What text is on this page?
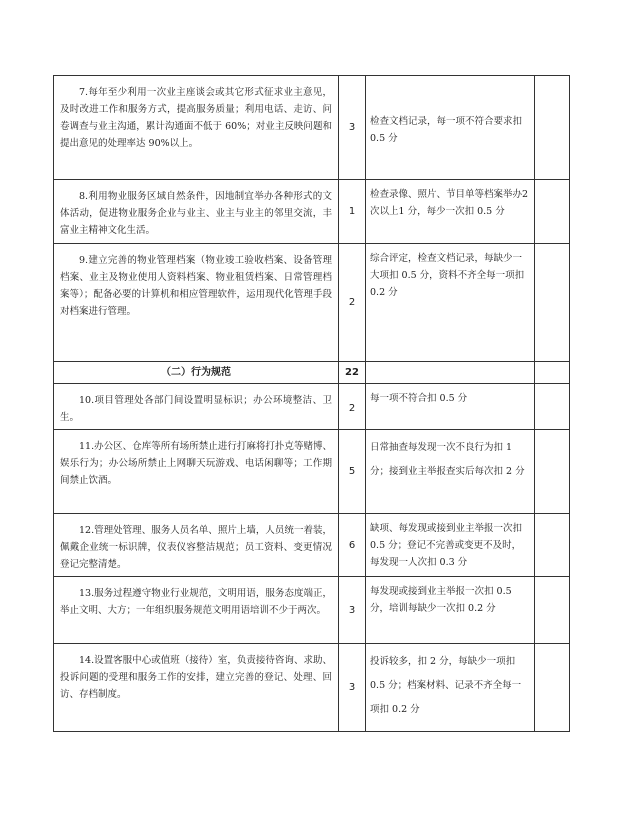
7.每年至少利用一次业主座谈会或其它形式征求业主意见，及时改进工作和服务方式，提高服务质量；利用电话、走访、问卷调查与业主沟通，累计沟通面不低于 60%；对业主反映问题和提出意见的处理率达 90%以上。	3	检查文档记录，每一项不符合要求扣 0.5 分	

8.利用物业服务区域自然条件，因地制宜举办各种形式的文体活动，促进物业服务企业与业主、业主与业主的邻里交流，丰富业主精神文化生活。	1	检查录像、照片、节目单等档案举办2次以上1 分，每少一次扣 0.5 分	

9.建立完善的物业管理档案（物业竣工验收档案、设备管理档案、业主及物业使用人资料档案、物业租赁档案、日常管理档案等）；配备必要的计算机和相应管理软件，运用现代化管理手段对档案进行管理。	2	综合评定，检查文档记录，每缺少一大项扣 0.5 分，资料不齐全每一项扣 0.2 分	
（二）行为规范	22		

10.项目管理处各部门间设置明显标识；办公环境整洁、卫生。	2	每一项不符合扣 0.5 分	

11.办公区、仓库等所有场所禁止进行打麻将打扑克等赌博、娱乐行为；办公场所禁止上网聊天玩游戏、电话闲聊等；工作期间禁止饮酒。	5	日常抽查每发现一次不良行为扣 1 分；接到业主举报查实后每次扣 2 分	

12.管理处管理、服务人员名单、照片上墙，人员统一着装，佩戴企业统一标识牌，仪表仪容整洁规范；员工资料、变更情况登记完整清楚。	6	缺项、每发现或接到业主举报一次扣 0.5 分；登记不完善或变更不及时，每发现一人次扣 0.3 分	

13.服务过程遵守物业行业规范，文明用语，服务态度端正，举止文明、大方；一年组织服务规范文明用语培训不少于两次。	3	每发现或接到业主举报一次扣 0.5 分，培训每缺少一次扣 0.2 分	

14.设置客服中心或值班（接待）室，负责接待咨询、求助、投诉问题的受理和服务工作的安排，建立完善的登记、处理、回访、存档制度。	3	投诉较多，扣 2 分，每缺少一项扣0.5 分；档案材料、记录不齐全每一项扣 0.2 分	
